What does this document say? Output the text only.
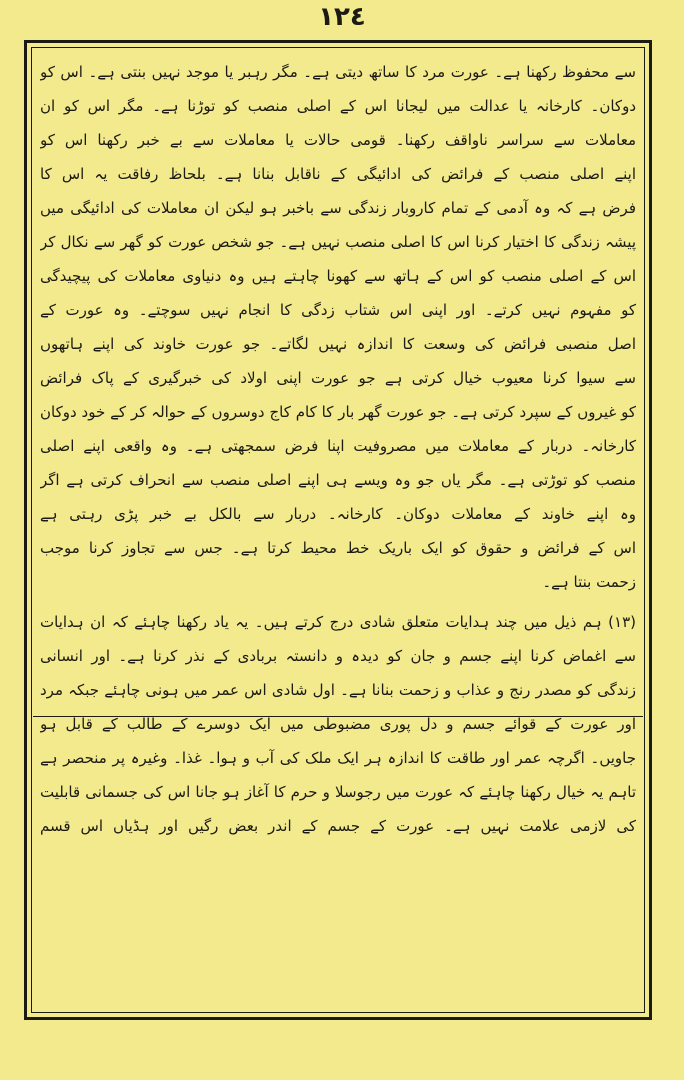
١٢٤
سے محفوظ رکھنا ہے۔ عورت مرد کا ساتھ دیتی ہے۔ مگر رہبر یا موجد نہیں بنتی ہے۔ اس کو
دوکان۔ کارخانہ یا عدالت میں لیجانا اس کے اصلی منصب کو توڑنا ہے۔ مگر اس کو ان
معاملات سے سراسر ناواقف رکھنا۔ قومی حالات یا معاملات سے بے خبر رکھنا اس کو
اپنے اصلی منصب کے فرائض کی ادائیگی کے ناقابل بنانا ہے۔ بلحاظ رفاقت یہ اس کا
فرض ہے کہ وہ آدمی کے تمام کاروبار زندگی سے باخبر ہو لیکن ان معاملات کی ادائیگی میں
پیشہ زندگی کا اختیار کرنا اس کا اصلی منصب نہیں ہے۔ جو شخص عورت کو گھر سے نکال کر
اس کے اصلی منصب کو اس کے ہاتھ سے کھونا چاہتے ہیں وہ دنیاوی معاملات کی پیچیدگی
کو مفہوم نہیں کرتے۔ اور اپنی اس شتاب زدگی کا انجام نہیں سوچتے۔ وہ عورت کے
اصل منصبی فرائض کی وسعت کا اندازہ نہیں لگاتے۔ جو عورت خاوند کی اپنے ہاتھوں
سے سیوا کرنا معیوب خیال کرتی ہے جو عورت اپنی اولاد کی خبرگیری کے پاک فرائض
کو غیروں کے سپرد کرتی ہے۔ جو عورت گھر بار کا کام کاج دوسروں کے حوالہ کر کے خود دوکان
کارخانہ۔ دربار کے معاملات میں مصروفیت اپنا فرض سمجھتی ہے۔ وہ واقعی اپنے اصلی
منصب کو توڑتی ہے۔ مگر یاں جو وہ ویسے ہی اپنے اصلی منصب سے انحراف کرتی ہے اگر
وہ اپنے خاوند کے معاملات دوکان۔ کارخانہ۔ دربار سے بالکل بے خبر پڑی رہتی ہے
اس کے فرائض و حقوق کو ایک باریک خط محیط کرتا ہے۔ جس سے تجاوز کرنا موجب
زحمت بنتا ہے۔
(۱۳) ہم ذیل میں چند ہدایات متعلق شادی درج کرتے ہیں۔ یہ یاد رکھنا چاہئے کہ ان ہدایات
سے اغماض کرنا اپنے جسم و جان کو دیدہ و دانستہ بربادی کے نذر کرنا ہے۔ اور انسانی
زندگی کو مصدر رنج و عذاب و زحمت بنانا ہے۔ اول شادی اس عمر میں ہونی چاہئے جبکہ مرد
اور عورت کے قوائے جسم و دل پوری مضبوطی میں ایک دوسرے کے طالب کے قابل ہو
جاویں۔ اگرچہ عمر اور طاقت کا اندازہ ہر ایک ملک کی آب و ہوا۔ غذا۔ وغیرہ پر منحصر ہے
تاہم یہ خیال رکھنا چاہئے کہ عورت میں رجوسلا و حرم کا آغاز ہو جانا اس کی جسمانی قابلیت
کی لازمی علامت نہیں ہے۔ عورت کے جسم کے اندر بعض رگیں اور ہڈیاں اس قسم
